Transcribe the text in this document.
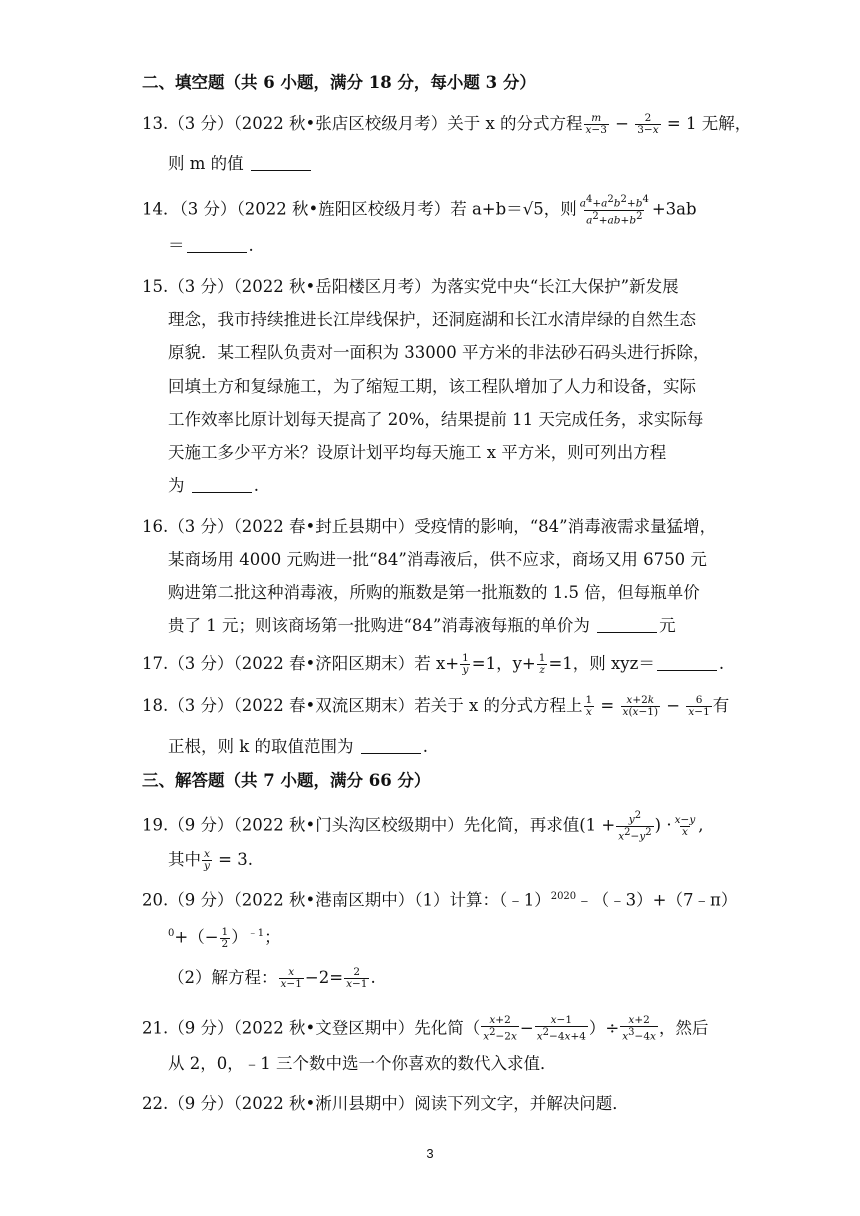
二、填空题（共 6 小题，满分 18 分，每小题 3 分）
13.（3 分）（2022 秋•张店区校级月考）关于 x 的分式方程 $\frac{m}{x-3} - \frac{2}{3-x} = 1$ 无解，
则 m 的值
14．（3 分）（2022 秋•旌阳区校级月考）若 a+b＝√5，则 $\frac{a^4+a^2b^2+b^4}{a^2+ab+b^2} +3ab$
＝	.
15.（3 分）（2022 秋•岳阳楼区月考）为落实党中央“长江大保护”新发展
理念，我市持续推进长江岸线保护，还洞庭湖和长江水清岸绿的自然生态
原貌．某工程队负责对一面积为 33000 平方米的非法砂石码头进行拆除，
回填土方和复绿施工，为了缩短工期，该工程队增加了人力和设备，实际
工作效率比原计划每天提高了 20%，结果提前 11 天完成任务，求实际每
天施工多少平方米？设原计划平均每天施工 x 平方米，则可列出方程
为	.
16.（3 分）（2022 春•封丘县期中）受疫情的影响，“84”消毒液需求量猛增，
某商场用 4000 元购进一批“84”消毒液后，供不应求，商场又用 6750 元
购进第二批这种消毒液，所购的瓶数是第一批瓶数的 1.5 倍，但每瓶单价
贵了 1 元；则该商场第一批购进“84”消毒液每瓶的单价为	元
17.（3 分）（2022 春•济阳区期末）若 $x+ \frac{1}{y} =1$，$y+ \frac{1}{z} =1$，则 xyz＝	.
18.（3 分）（2022 春•双流区期末）若关于 x 的分式方程上 $\frac{1}{x} = \frac{x+2k}{x(x-1)} - \frac{6}{x-1}$ 有
正根，则 k 的取值范围为	.
三、解答题（共 7 小题，满分 66 分）
19.（9 分）（2022 秋•门头沟区校级期中）先化简，再求值($1 + \frac{y^2}{x^2-y^2}$ ) · $\frac{x-y}{x}$ ,
其中 $\frac{x}{y} = 3$.
20.（9 分）（2022 秋•港南区期中）（1）计算：（﹣1）$^{2020}$﹣（﹣3）+（7﹣π）
$^0+(- \frac{1}{2} )^{﹣1}$；
（2）解方程： $\frac{x}{x-1} -2= \frac{2}{x-1}$ .
21.（9 分）（2022 秋•文登区期中）先化简（ $\frac{x+2}{x^2-2x} - \frac{x-1}{x^2-4x+4}$ ）÷ $\frac{x+2}{x^3-4x}$ ，然后
从 2，0，﹣1 三个数中选一个你喜欢的数代入求值．
22.（9 分）（2022 秋•淅川县期中）阅读下列文字，并解决问题．
3
